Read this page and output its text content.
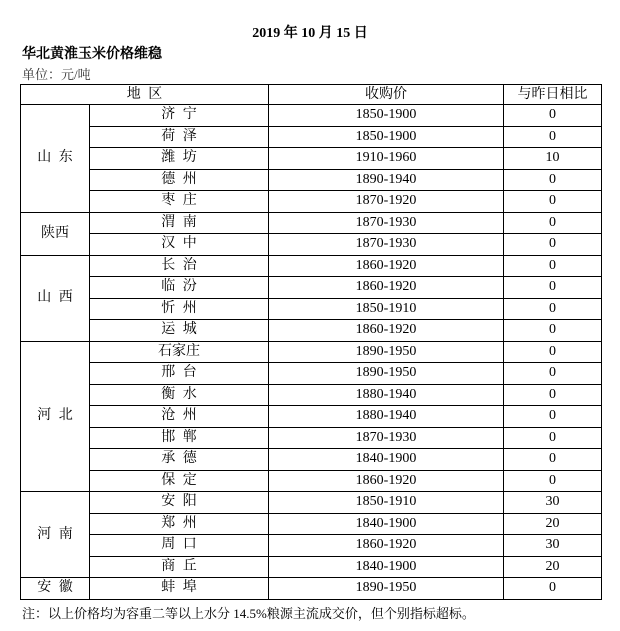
2019 年 10 月 15 日
华北黄淮玉米价格维稳
单位：元/吨
地 区		收购价	与昨日相比
山 东	济 宁	1850-1900	0
	荷 泽	1850-1900	0
	潍 坊	1910-1960	10
	德 州	1890-1940	0
	枣 庄	1870-1920	0
陕西	渭 南	1870-1930	0
	汉 中	1870-1930	0
山 西	长 治	1860-1920	0
	临 汾	1860-1920	0
	忻 州	1850-1910	0
	运 城	1860-1920	0
河 北	石家庄	1890-1950	0
	邢 台	1890-1950	0
	衡 水	1880-1940	0
	沧 州	1880-1940	0
	邯 郸	1870-1930	0
	承 德	1840-1900	0
	保 定	1860-1920	0
河 南	安 阳	1850-1910	30
	郑 州	1840-1900	20
	周 口	1860-1920	30
	商 丘	1840-1900	20
安 徽	蚌 埠	1890-1950	0
注：以上价格均为容重二等以上水分 14.5%粮源主流成交价，但个别指标超标。
